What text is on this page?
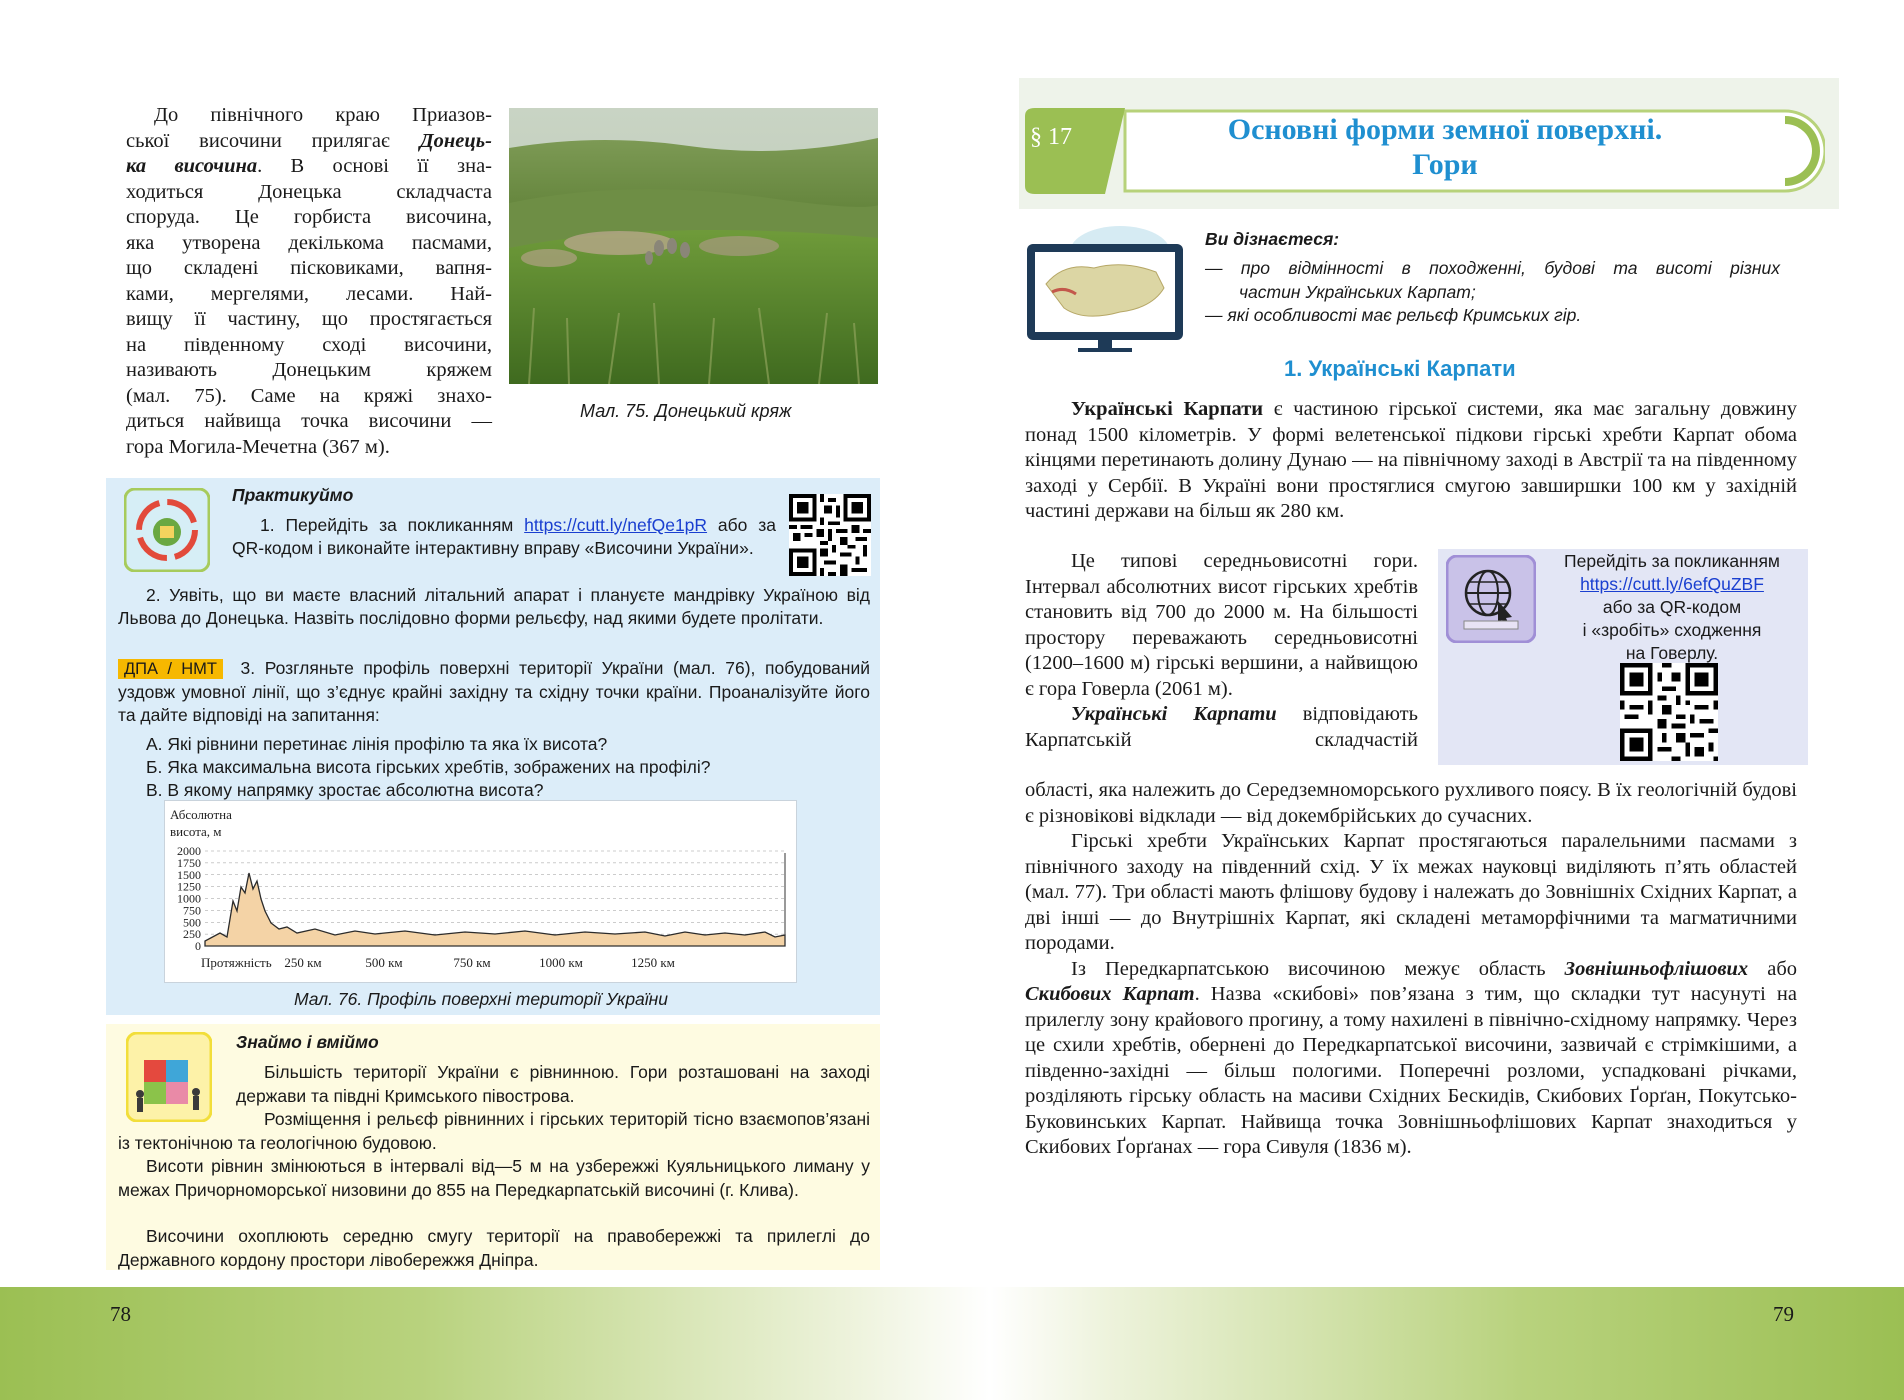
78	79
До північного краю Приазов-
ської височини прилягає Донець-
ка височина. В основі її зна-
ходиться Донецька складчаста
споруда. Це горбиста височина,
яка утворена декількома пасмами,
що складені пісковиками, вапня-
ками, мергелями, лесами. Най-
вищу її частину, що простягається
на південному сході височини,
називають Донецьким кряжем
(мал. 75). Саме на кряжі знахо-
диться найвища точка височини —
гора Могила-Мечетна (367 м).
Мал. 75. Донецький кряж
Практикуймо
1. Перейдіть за покликанням https://cutt.ly/nefQe1pR або за QR-кодом і виконайте інтерактивну вправу «Височини України».
2. Уявіть, що ви маєте власний літальний апарат і плануєте мандрівку Україною від Львова до Донецька. Назвіть послідовно форми рельєфу, над якими будете пролітати.
ДПА / НМТ 3. Розгляньте профіль поверхні території України (мал. 76), побудований уздовж умовної лінії, що з’єднує крайні західну та східну точки країни. Проаналізуйте його та дайте відповіді на запитання:
А. Які рівнини перетинає лінія профілю та яка їх висота?
Б. Яка максимальна висота гірських хребтів, зображених на профілі?
В. В якому напрямку зростає абсолютна висота?
Мал. 76. Профіль поверхні території України
Абсолютна
висота, м
2000
1750
1500
1250
1000
750
500
250
0
Протяжність 250 км	500 км	750 км	1000 км	1250 км
Знаймо і вміймо
Більшість території України є рівнинною. Гори розташовані на заході держави та півдні Кримського півострова.
Розміщення і рельєф рівнинних і гірських територій тісно взаємопов’язані із тектонічною та геологічною будовою.
Висоти рівнин змінюються в інтервалі від—5 м на узбережжі Куяльницького лиману у межах Причорноморської низовини до 855 на Передкарпатській височині (г. Клива).
Височини охоплюють середню смугу території на правобережжі та прилеглі до Державного кордону простори лівобережжя Дніпра.
§ 17	Основні форми земної поверхні.
Гори
Ви дізнаєтеся:
— про відмінності в походженні, будові та висоті різних
частин Українських Карпат;
— які особливості має рельєф Кримських гір.
1. Українські Карпати

Українські Карпати є частиною гірської системи, яка має загальну довжину понад 1500 кілометрів. У формі велетенської підкови гірські хребти Карпат обома кінцями перетинають долину Дунаю — на північному заході в Австрії та на південному заході у Сербії. В Україні вони простяглися смугою завширшки 100 км у західній частині держави на більш як 280 км.

Це типові середньовисотні гори. Інтервал абсолютних висот гірських хребтів становить від 700 до 2000 м. На більшості простору переважають середньовисотні (1200–1600 м) гірські вершини, а найвищою є гора Говерла (2061 м).

Українські Карпати відповідають Карпатській складчастій

Перейдіть за покликанням
https://cutt.ly/6efQuZBF
або за QR-кодом
і «зробіть» сходження
на Говерлу.

області, яка належить до Середземноморського рухливого поясу. В їх геологічній будові є різновікові відклади — від докембрійських до сучасних.

Гірські хребти Українських Карпат простягаються паралельними пасмами з північного заходу на південний схід. У їх межах науковці виділяють п’ять областей (мал. 77). Три області мають флішову будову і належать до Зовнішніх Східних Карпат, а дві інші — до Внутрішніх Карпат, які складені метаморфічними та магматичними породами.

Із Передкарпатською височиною межує область Зовнішньофлішових або Скибових Карпат. Назва «скибові» пов’язана з тим, що складки тут насунуті на прилеглу зону крайового прогину, а тому нахилені в північно-східному напрямку. Через це схили хребтів, обернені до Передкарпатської височини, зазвичай є стрімкішими, а південно-західні — більш пологими. Поперечні розломи, успадковані річками, розділяють гірську область на масиви Східних Бескидів, Скибових Ґорґан, Покутсько-Буковинських Карпат. Найвища точка Зовнішньофлішових Карпат знаходиться у Скибових Ґорґанах — гора Сивуля (1836 м).
